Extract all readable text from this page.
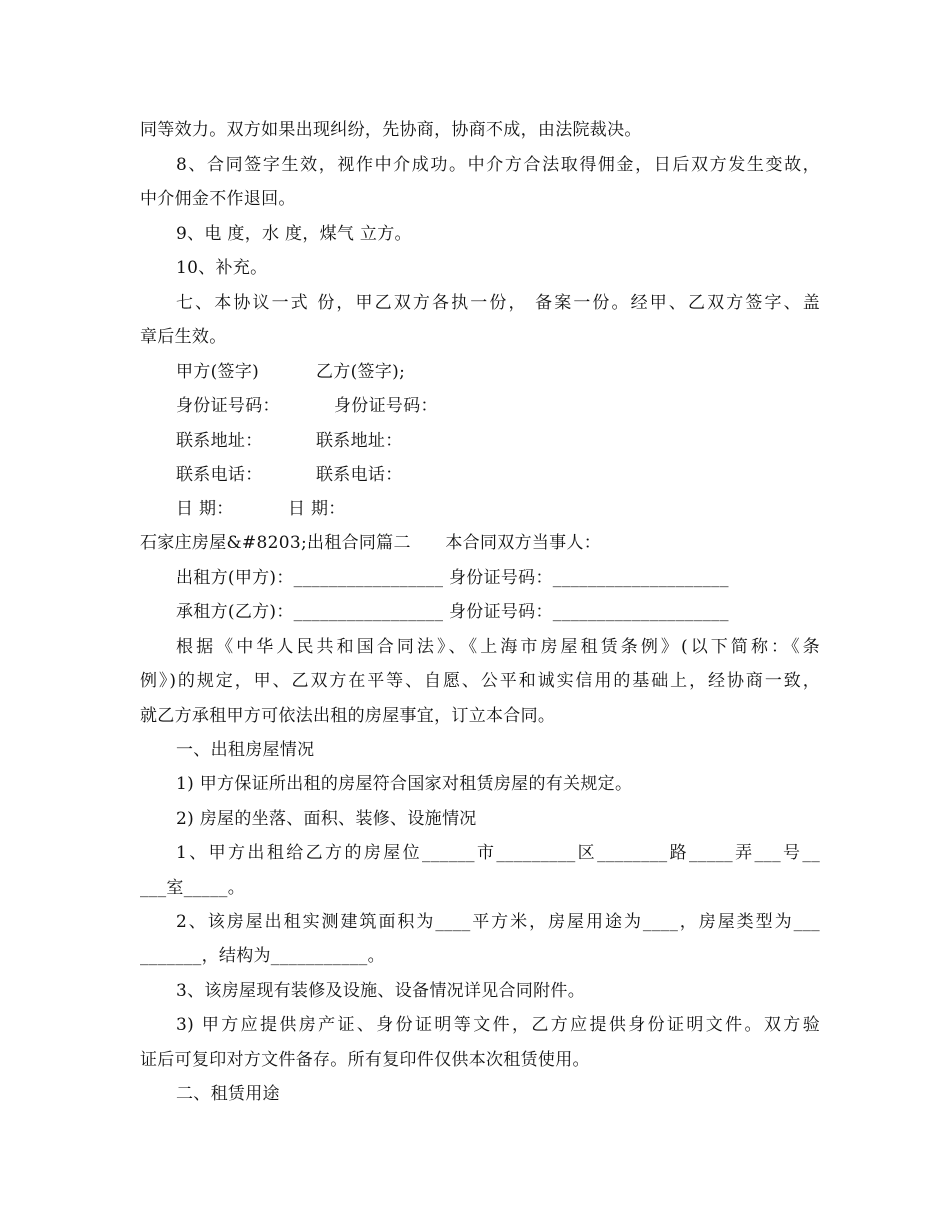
同等效力。双方如果出现纠纷，先协商，协商不成，由法院裁决。
8、合同签字生效，视作中介成功。中介方合法取得佣金，日后双方发生变故，
中介佣金不作退回。
9、电 度，水 度，煤气 立方。
10、补充。
七、本协议一式 份，甲乙双方各执一份， 备案一份。经甲、乙双方签字、盖
章后生效。
甲方(签字)	乙方(签字);
身份证号码：	身份证号码：
联系地址：	联系地址：
联系电话：	联系电话：
日 期：	日 期：
石家庄房屋&#8203;出租合同篇二　　本合同双方当事人：
出租方(甲方)：_________________ 身份证号码：____________________
承租方(乙方)：_________________ 身份证号码：____________________
根据《中华人民共和国合同法》、《上海市房屋租赁条例》(以下简称：《条
例》)的规定，甲、乙双方在平等、自愿、公平和诚实信用的基础上，经协商一致，
就乙方承租甲方可依法出租的房屋事宜，订立本合同。
一、出租房屋情况
1) 甲方保证所出租的房屋符合国家对租赁房屋的有关规定。
2) 房屋的坐落、面积、装修、设施情况
1、甲方出租给乙方的房屋位______市_________区________路_____弄___号__
___室_____。
2、该房屋出租实测建筑面积为____平方米，房屋用途为____，房屋类型为___
_______，结构为___________。
3、该房屋现有装修及设施、设备情况详见合同附件。
3) 甲方应提供房产证、身份证明等文件，乙方应提供身份证明文件。双方验
证后可复印对方文件备存。所有复印件仅供本次租赁使用。
二、租赁用途
